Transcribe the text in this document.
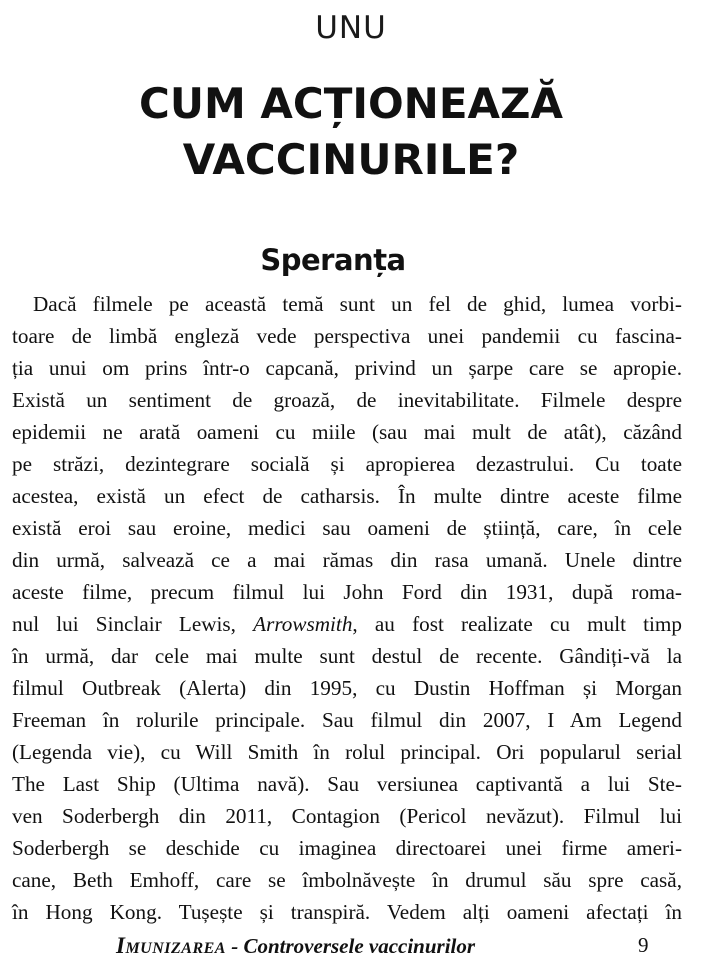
UNU
CUM ACȚIONEAZĂ
VACCINURILE?
Speranța
Dacă filmele pe această temă sunt un fel de ghid, lumea vorbi-
toare de limbă engleză vede perspectiva unei pandemii cu fascina-
ția unui om prins într-o capcană, privind un șarpe care se apropie.
Există un sentiment de groază, de inevitabilitate. Filmele despre
epidemii ne arată oameni cu miile (sau mai mult de atât), căzând
pe străzi, dezintegrare socială și apropierea dezastrului. Cu toate
acestea, există un efect de catharsis. În multe dintre aceste filme
există eroi sau eroine, medici sau oameni de știință, care, în cele
din urmă, salvează ce a mai rămas din rasa umană. Unele dintre
aceste filme, precum filmul lui John Ford din 1931, după roma-
nul lui Sinclair Lewis, Arrowsmith, au fost realizate cu mult timp
în urmă, dar cele mai multe sunt destul de recente. Gândiți-vă la
filmul Outbreak (Alerta) din 1995, cu Dustin Hoffman și Morgan
Freeman în rolurile principale. Sau filmul din 2007, I Am Legend
(Legenda vie), cu Will Smith în rolul principal. Ori popularul serial
The Last Ship (Ultima navă). Sau versiunea captivantă a lui Ste-
ven Soderbergh din 2011, Contagion (Pericol nevăzut). Filmul lui
Soderbergh se deschide cu imaginea directoarei unei firme ameri-
cane, Beth Emhoff, care se îmbolnăvește în drumul său spre casă,
în Hong Kong. Tușește și transpiră. Vedem alți oameni afectați în
Imunizarea - Controversele vaccinurilor	9
